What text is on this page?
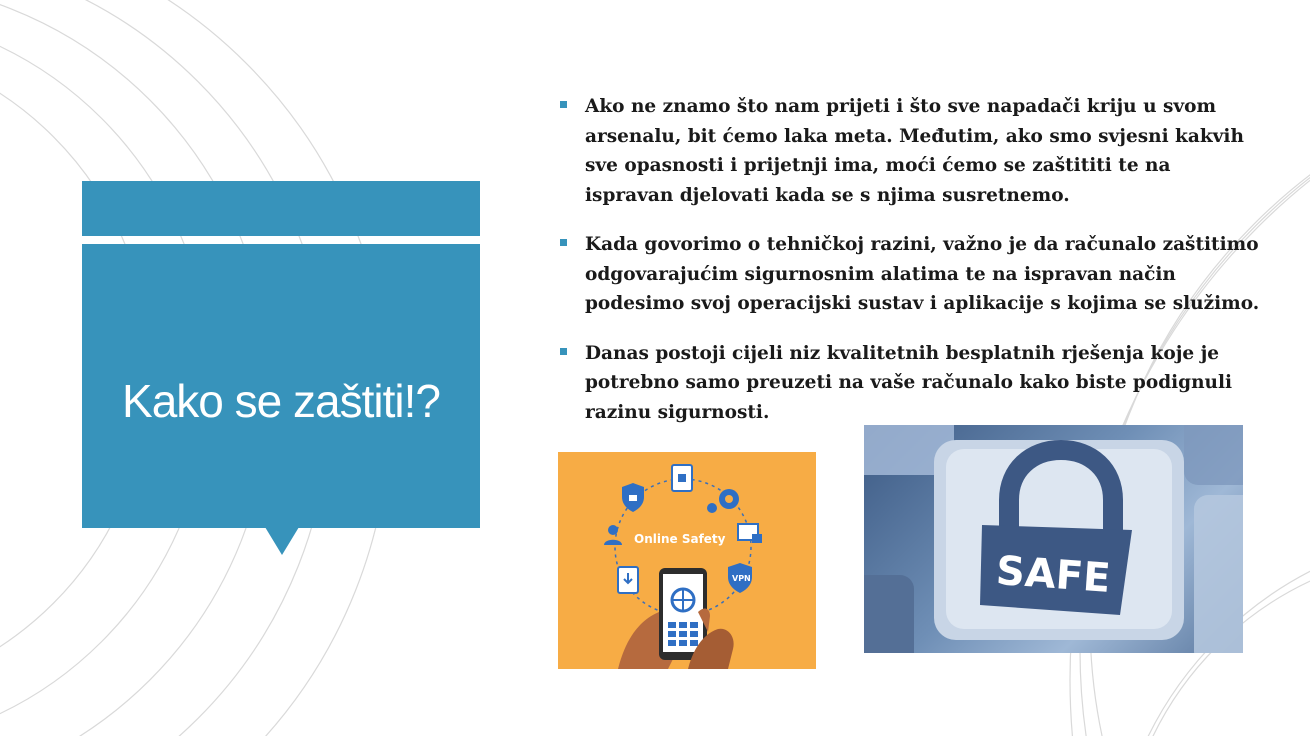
Kako se zaštiti!?
Ako ne znamo što nam prijeti i što sve napadači kriju u svom arsenalu, bit ćemo laka meta. Međutim, ako smo svjesni kakvih sve opasnosti i prijetnji ima, moći ćemo se zaštititi te na ispravan djelovati kada se s njima susretnemo.
Kada govorimo o tehničkoj razini, važno je da računalo zaštitimo odgovarajućim sigurnosnim alatima te na ispravan način podesimo svoj operacijski sustav i aplikacije s kojima se služimo.
Danas postoji cijeli niz kvalitetnih besplatnih rješenja koje je potrebno samo preuzeti na vaše računalo kako biste podignuli razinu sigurnosti.
Online Safety
VPN	SAFE
